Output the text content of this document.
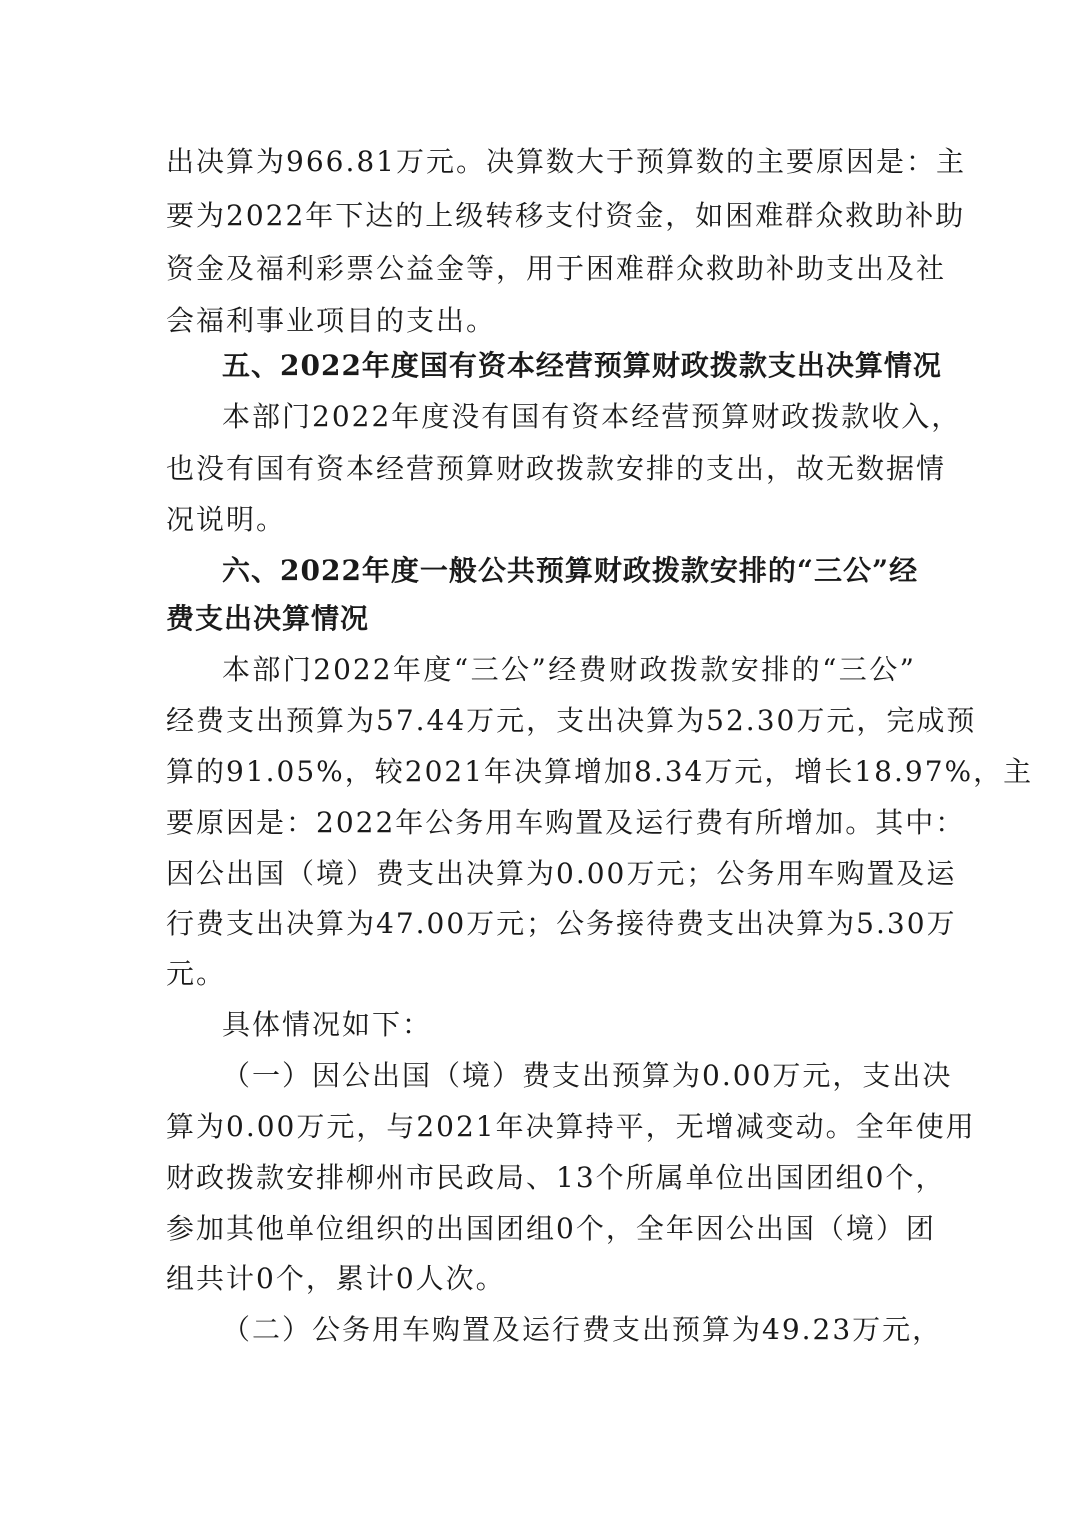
出决算为966.81万元。决算数大于预算数的主要原因是：主
要为2022年下达的上级转移支付资金，如困难群众救助补助
资金及福利彩票公益金等，用于困难群众救助补助支出及社
会福利事业项目的支出。
五、2022年度国有资本经营预算财政拨款支出决算情况
本部门2022年度没有国有资本经营预算财政拨款收入，
也没有国有资本经营预算财政拨款安排的支出，故无数据情
况说明。
六、2022年度一般公共预算财政拨款安排的“三公”经
费支出决算情况
本部门2022年度“三公”经费财政拨款安排的“三公”
经费支出预算为57.44万元，支出决算为52.30万元，完成预
算的91.05%，较2021年决算增加8.34万元，增长18.97%，主
要原因是：2022年公务用车购置及运行费有所增加。其中：
因公出国（境）费支出决算为0.00万元；公务用车购置及运
行费支出决算为47.00万元；公务接待费支出决算为5.30万
元。
具体情况如下：
（一）因公出国（境）费支出预算为0.00万元，支出决
算为0.00万元，与2021年决算持平，无增减变动。全年使用
财政拨款安排柳州市民政局、13个所属单位出国团组0个，
参加其他单位组织的出国团组0个，全年因公出国（境）团
组共计0个，累计0人次。
（二）公务用车购置及运行费支出预算为49.23万元，
